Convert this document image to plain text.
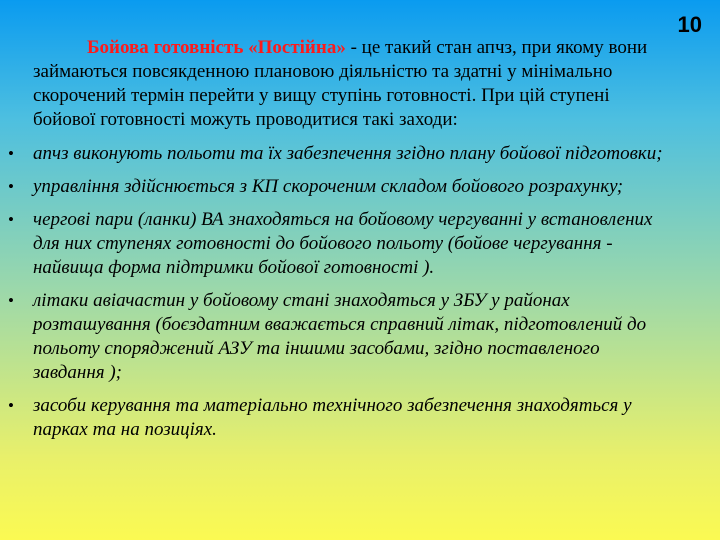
10

Бойова готовність «Постійна» - це такий стан апчз, при якому вони займаються повсякденною плановою діяльністю та здатні у мінімально скорочений термін перейти у вищу ступінь готовності. При цій ступені бойової готовності можуть проводитися такі заходи:

• апчз виконують польоти та їх забезпечення згідно плану бойової підготовки;
• управління здійснюється з КП скороченим складом бойового розрахунку;
• чергові пари (ланки) ВА знаходяться на бойовому чергуванні у встановлених для них ступенях готовності до бойового польоту (бойове чергування - найвища форма підтримки бойової готовності ).
• літаки авіачастин у бойовому стані знаходяться у ЗБУ у районах розташування (боєздатним вважається справний літак, підготовлений до польоту споряджений АЗУ та іншими засобами, згідно поставленого завдання );
• засоби керування та матеріально технічного забезпечення знаходяться у парках та на позиціях.
